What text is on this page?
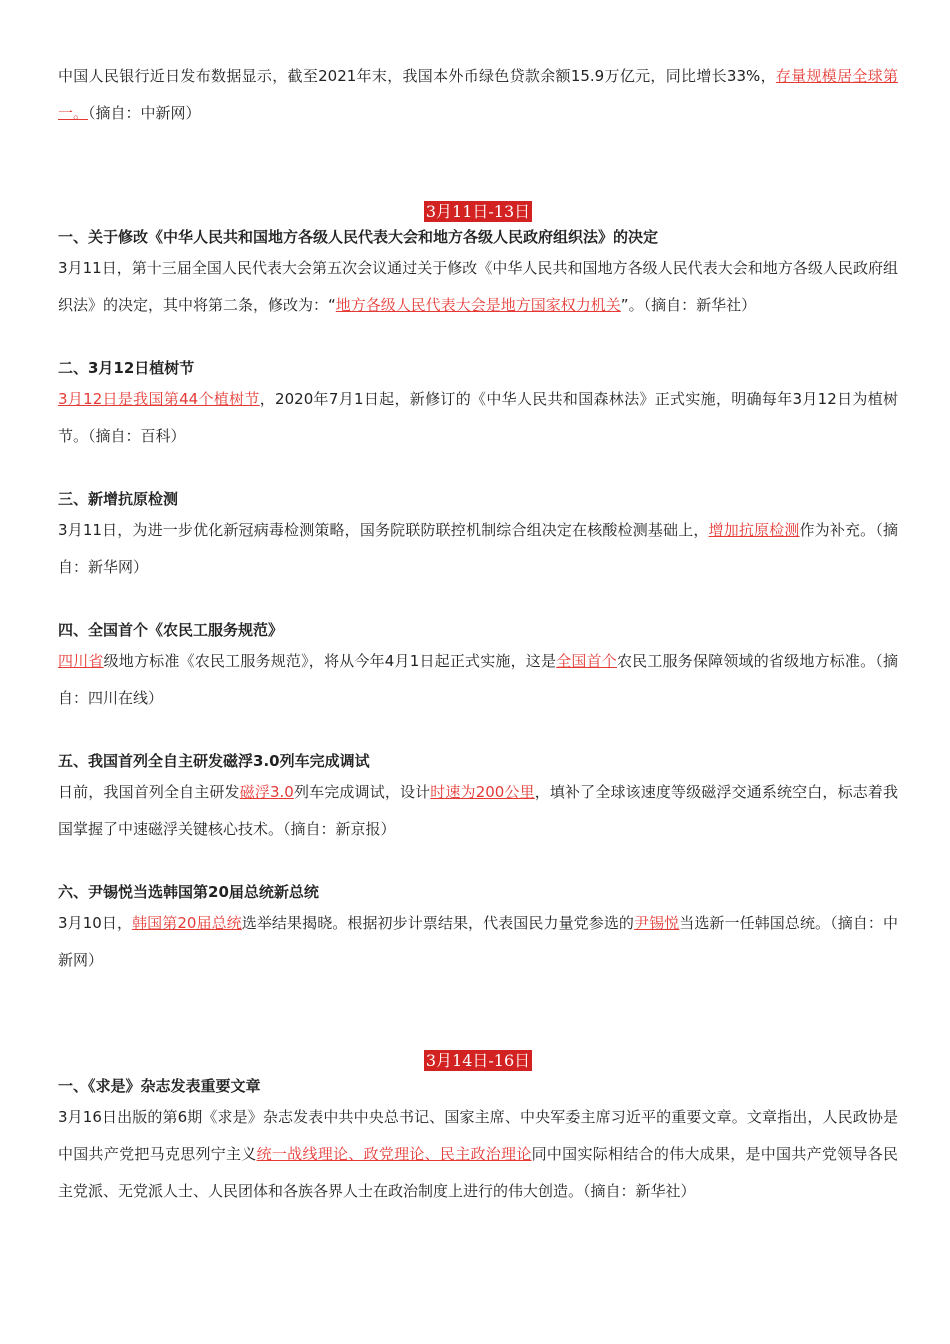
中国人民银行近日发布数据显示，截至2021年末，我国本外币绿色贷款余额15.9万亿元，同比增长33%，存量规模居全球第一。（摘自：中新网）

3月11日-13日

一、关于修改《中华人民共和国地方各级人民代表大会和地方各级人民政府组织法》的决定

3月11日，第十三届全国人民代表大会第五次会议通过关于修改《中华人民共和国地方各级人民代表大会和地方各级人民政府组织法》的决定，其中将第二条，修改为：“地方各级人民代表大会是地方国家权力机关”。（摘自：新华社）

二、3月12日植树节

3月12日是我国第44个植树节，2020年7月1日起，新修订的《中华人民共和国森林法》正式实施，明确每年3月12日为植树节。（摘自：百科）

三、新增抗原检测

3月11日，为进一步优化新冠病毒检测策略，国务院联防联控机制综合组决定在核酸检测基础上，增加抗原检测作为补充。（摘自：新华网）

四、全国首个《农民工服务规范》

四川省级地方标准《农民工服务规范》，将从今年4月1日起正式实施，这是全国首个农民工服务保障领域的省级地方标准。（摘自：四川在线）

五、我国首列全自主研发磁浮3.0列车完成调试

日前，我国首列全自主研发磁浮3.0列车完成调试，设计时速为200公里，填补了全球该速度等级磁浮交通系统空白，标志着我国掌握了中速磁浮关键核心技术。（摘自：新京报）

六、尹锡悦当选韩国第20届总统新总统

3月10日，韩国第20届总统选举结果揭晓。根据初步计票结果，代表国民力量党参选的尹锡悦当选新一任韩国总统。（摘自：中新网）

3月14日-16日

一、《求是》杂志发表重要文章

3月16日出版的第6期《求是》杂志发表中共中央总书记、国家主席、中央军委主席习近平的重要文章。文章指出，人民政协是中国共产党把马克思列宁主义统一战线理论、政党理论、民主政治理论同中国实际相结合的伟大成果，是中国共产党领导各民主党派、无党派人士、人民团体和各族各界人士在政治制度上进行的伟大创造。（摘自：新华社）
